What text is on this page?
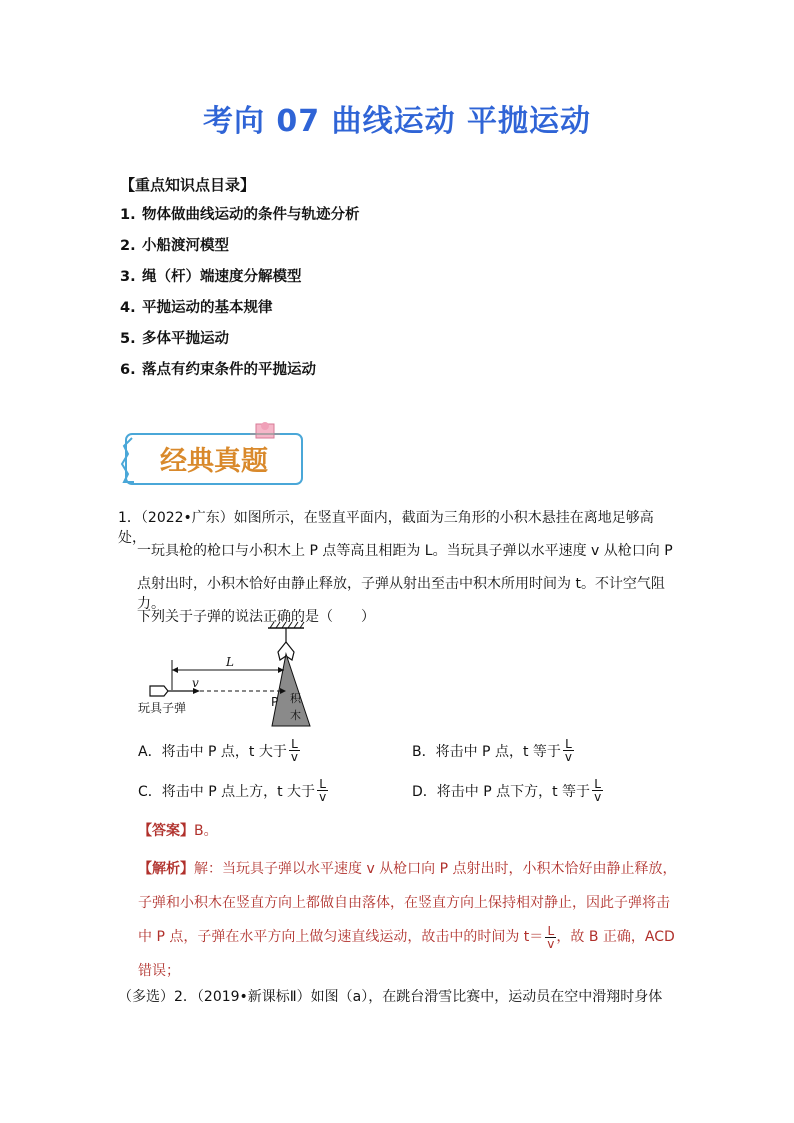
考向 07 曲线运动 平抛运动
【重点知识点目录】
1. 物体做曲线运动的条件与轨迹分析
2. 小船渡河模型
3. 绳（杆）端速度分解模型
4. 平抛运动的基本规律
5. 多体平抛运动
6. 落点有约束条件的平抛运动
经典真题

1．（2022•广东）如图所示，在竖直平面内，截面为三角形的小积木悬挂在离地足够高处，

一玩具枪的枪口与小积木上 P 点等高且相距为 L。当玩具子弹以水平速度 v 从枪口向 P

点射出时，小积木恰好由静止释放，子弹从射出至击中积木所用时间为 t。不计空气阻力。

下列关于子弹的说法正确的是（　　）

积
木
L
v
玩具子弹	P
A．将击中 P 点，t 大于 $\frac{L}{v}$	B．将击中 P 点，t 等于 $\frac{L}{v}$
C．将击中 P 点上方，t 大于 $\frac{L}{v}$	D．将击中 P 点下方，t 等于 $\frac{L}{v}$
【答案】B。

【解析】 解：当玩具子弹以水平速度 v 从枪口向 P 点射出时，小积木恰好由静止释放，

子弹和小积木在竖直方向上都做自由落体，在竖直方向上保持相对静止，因此子弹将击

中 P 点，子弹在水平方向上做匀速直线运动，故击中的时间为 $t= \frac{L}{v}$ ，故 B 正确，ACD

错误；

（多选）2．（2019•新课标Ⅱ）如图（a），在跳台滑雪比赛中，运动员在空中滑翔时身体
